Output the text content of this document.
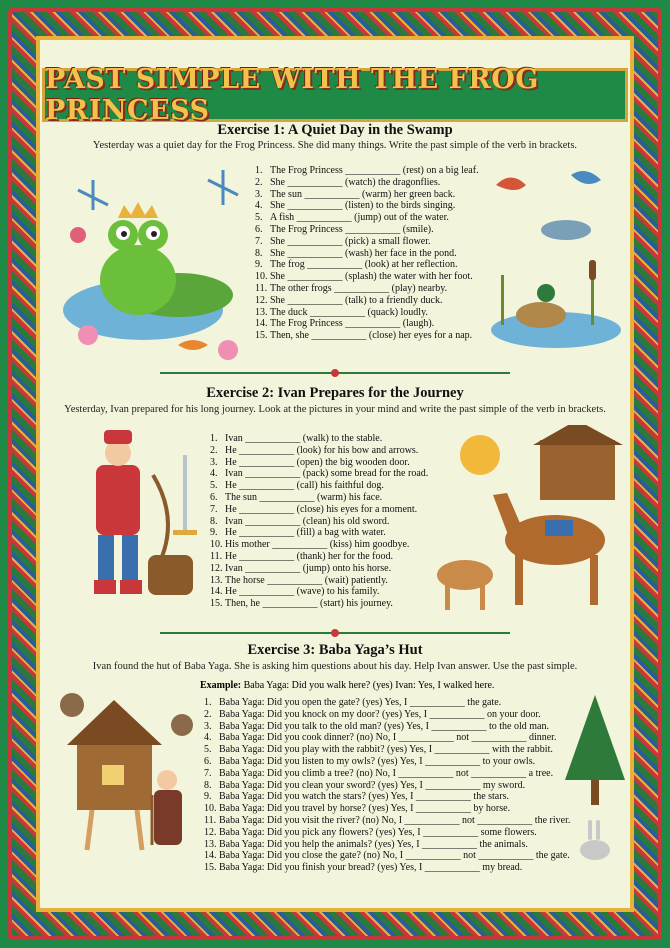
PAST SIMPLE WITH THE FROG PRINCESS
Exercise 1: A Quiet Day in the Swamp
Yesterday was a quiet day for the Frog Princess. She did many things. Write the past simple of the verb in brackets.
1. The Frog Princess ___________ (rest) on a big leaf.
2. She ___________ (watch) the dragonflies.
3. The sun ___________ (warm) her green back.
4. She ___________ (listen) to the birds singing.
5. A fish ___________ (jump) out of the water.
6. The Frog Princess ___________ (smile).
7. She ___________ (pick) a small flower.
8. She ___________ (wash) her face in the pond.
9. The frog ___________ (look) at her reflection.
10. She ___________ (splash) the water with her foot.
11. The other frogs ___________ (play) nearby.
12. She ___________ (talk) to a friendly duck.
13. The duck ___________ (quack) loudly.
14. The Frog Princess ___________ (laugh).
15. Then, she ___________ (close) her eyes for a nap.
Exercise 2: Ivan Prepares for the Journey
Yesterday, Ivan prepared for his long journey. Look at the pictures in your mind and write the past simple of the verb in brackets.
1. Ivan ___________ (walk) to the stable.
2. He ___________ (look) for his bow and arrows.
3. He ___________ (open) the big wooden door.
4. Ivan ___________ (pack) some bread for the road.
5. He ___________ (call) his faithful dog.
6. The sun ___________ (warm) his face.
7. He ___________ (close) his eyes for a moment.
8. Ivan ___________ (clean) his old sword.
9. He ___________ (fill) a bag with water.
10. His mother ___________ (kiss) him goodbye.
11. He ___________ (thank) her for the food.
12. Ivan ___________ (jump) onto his horse.
13. The horse ___________ (wait) patiently.
14. He ___________ (wave) to his family.
15. Then, he ___________ (start) his journey.
Exercise 3: Baba Yaga’s Hut
Ivan found the hut of Baba Yaga. She is asking him questions about his day. Help Ivan answer. Use the past simple.
Example: Baba Yaga: Did you walk here? (yes) Ivan: Yes, I walked here.
1. Baba Yaga: Did you open the gate? (yes) Yes, I ___________ the gate.
2. Baba Yaga: Did you knock on my door? (yes) Yes, I ___________ on your door.
3. Baba Yaga: Did you talk to the old man? (yes) Yes, I ___________ to the old man.
4. Baba Yaga: Did you cook dinner? (no) No, I ___________ not ___________ dinner.
5. Baba Yaga: Did you play with the rabbit? (yes) Yes, I ___________ with the rabbit.
6. Baba Yaga: Did you listen to my owls? (yes) Yes, I ___________ to your owls.
7. Baba Yaga: Did you climb a tree? (no) No, I ___________ not ___________ a tree.
8. Baba Yaga: Did you clean your sword? (yes) Yes, I ___________ my sword.
9. Baba Yaga: Did you watch the stars? (yes) Yes, I ___________ the stars.
10. Baba Yaga: Did you travel by horse? (yes) Yes, I ___________ by horse.
11. Baba Yaga: Did you visit the river? (no) No, I ___________ not ___________ the river.
12. Baba Yaga: Did you pick any flowers? (yes) Yes, I ___________ some flowers.
13. Baba Yaga: Did you help the animals? (yes) Yes, I ___________ the animals.
14. Baba Yaga: Did you close the gate? (no) No, I ___________ not ___________ the gate.
15. Baba Yaga: Did you finish your bread? (yes) Yes, I ___________ my bread.
